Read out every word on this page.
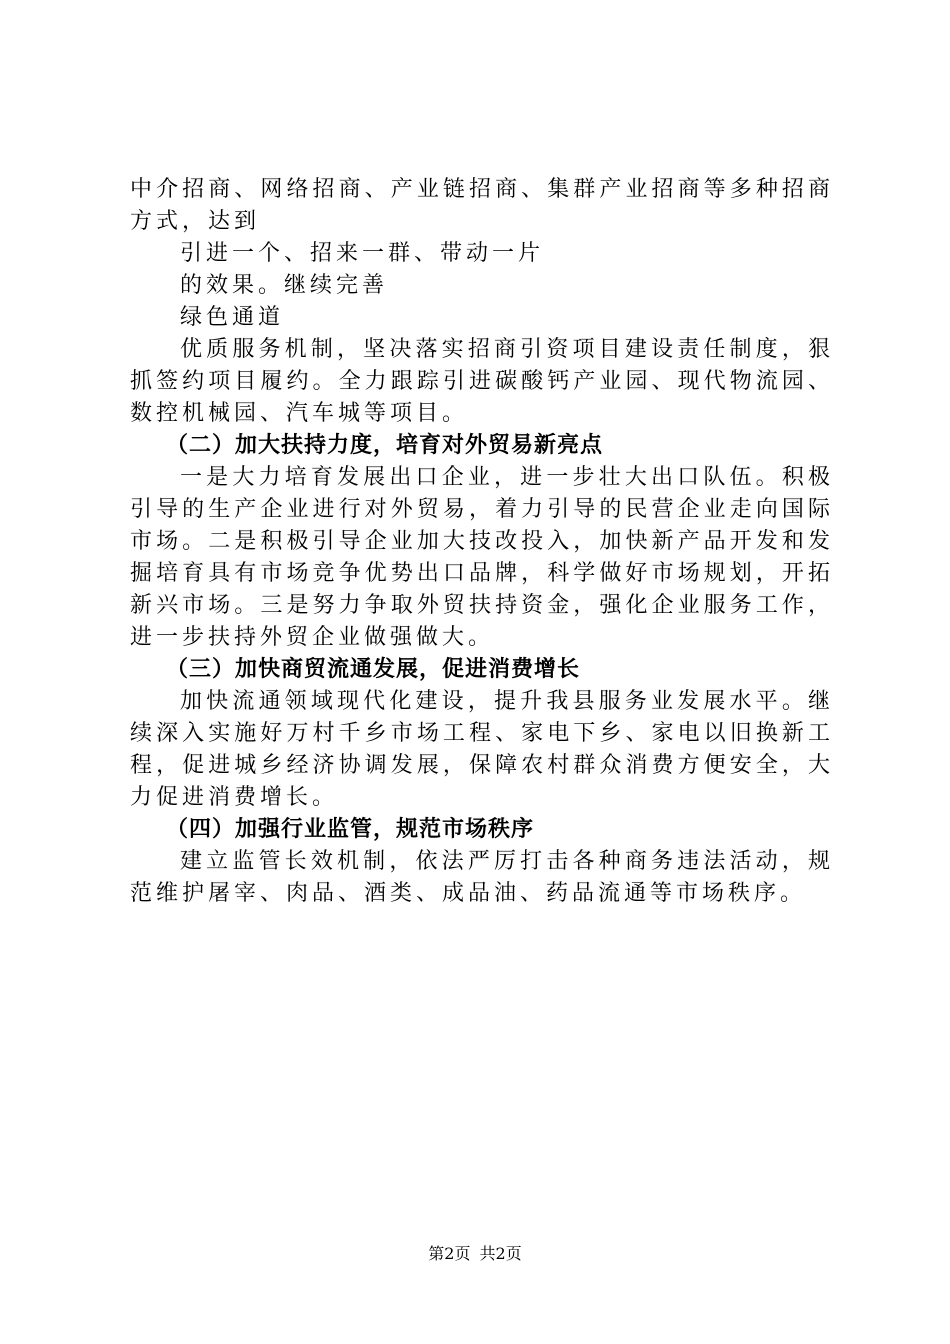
中介招商、网络招商、产业链招商、集群产业招商等多种招商
方式，达到
引进一个、招来一群、带动一片
的效果。继续完善
绿色通道
优质服务机制，坚决落实招商引资项目建设责任制度，狠
抓签约项目履约。全力跟踪引进碳酸钙产业园、现代物流园、
数控机械园、汽车城等项目。
（二）加大扶持力度，培育对外贸易新亮点
一是大力培育发展出口企业，进一步壮大出口队伍。积极
引导的生产企业进行对外贸易，着力引导的民营企业走向国际
市场。二是积极引导企业加大技改投入，加快新产品开发和发
掘培育具有市场竞争优势出口品牌，科学做好市场规划，开拓
新兴市场。三是努力争取外贸扶持资金，强化企业服务工作，
进一步扶持外贸企业做强做大。
（三）加快商贸流通发展，促进消费增长
加快流通领域现代化建设，提升我县服务业发展水平。继
续深入实施好万村千乡市场工程、家电下乡、家电以旧换新工
程，促进城乡经济协调发展，保障农村群众消费方便安全，大
力促进消费增长。
（四）加强行业监管，规范市场秩序
建立监管长效机制，依法严厉打击各种商务违法活动，规
范维护屠宰、肉品、酒类、成品油、药品流通等市场秩序。
第2页 共2页
